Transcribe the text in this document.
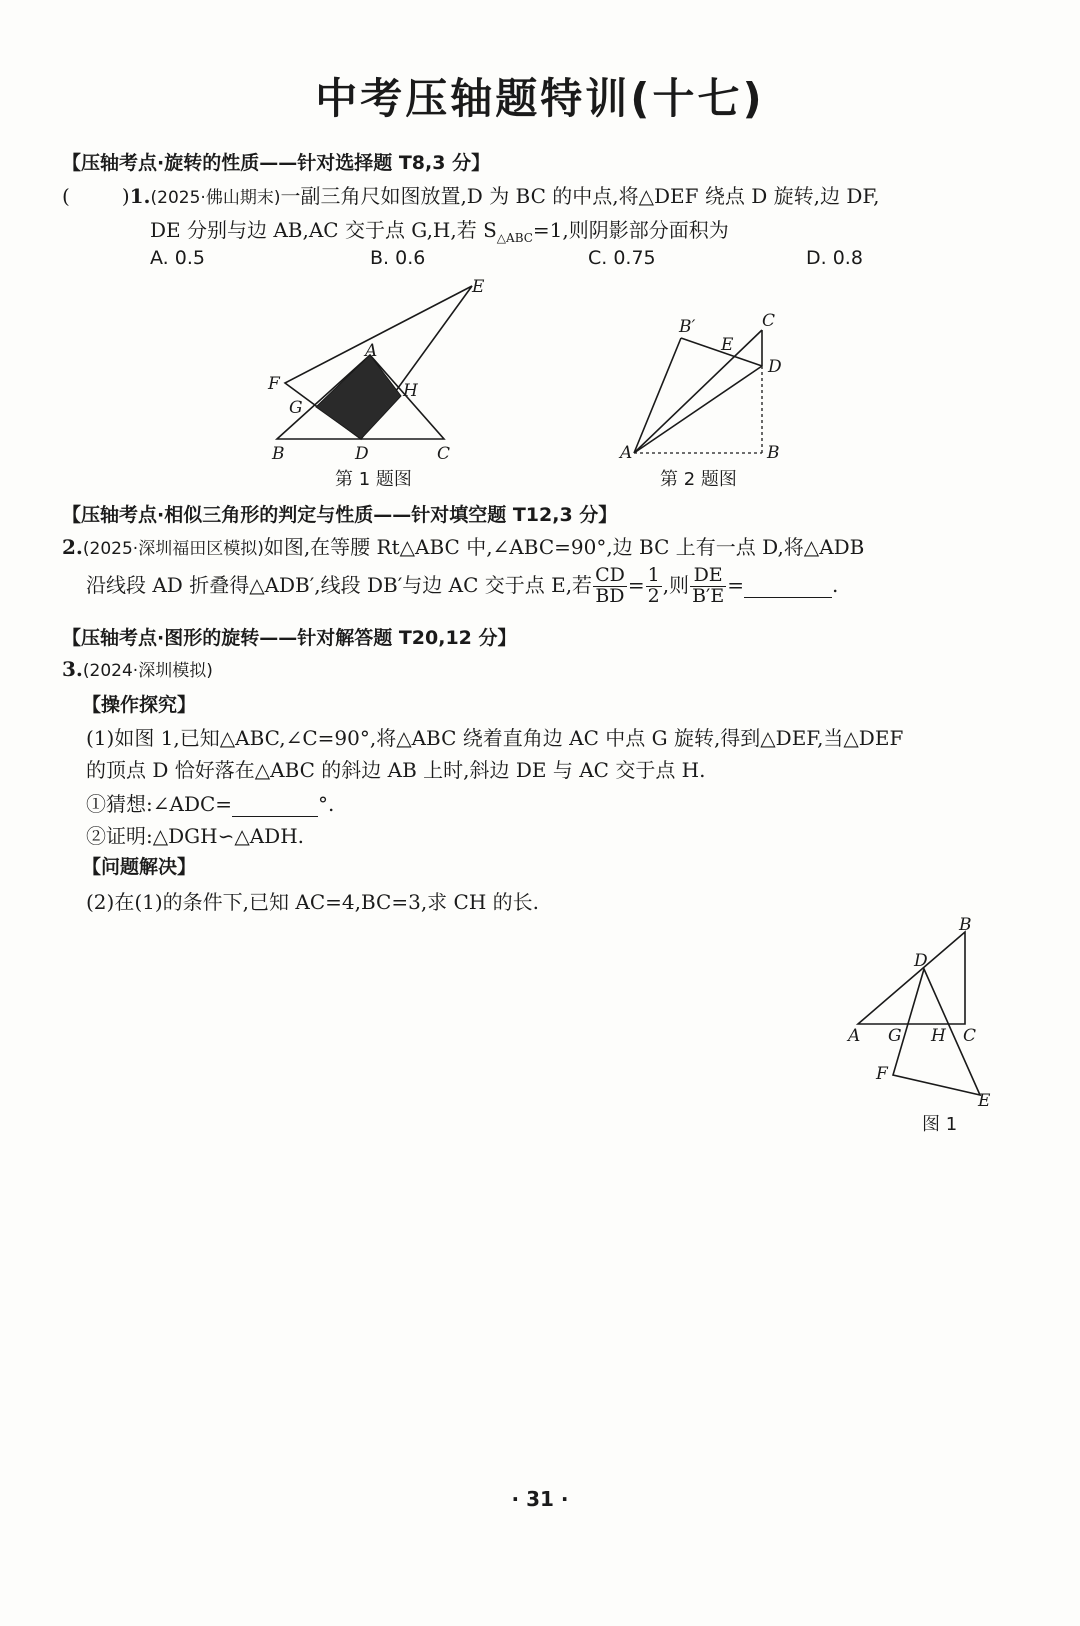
中考压轴题特训(十七)
【压轴考点·旋转的性质——针对选择题 T8,3 分】
(	)1.(2025·佛山期末)一副三角尺如图放置,D 为 BC 的中点,将△DEF 绕点 D 旋转,边 DF,
DE 分别与边 AB,AC 交于点 G,H,若 $S_{\triangle ABC}=1$,则阴影部分面积为
A. 0.5	B. 0.6	C. 0.75	D. 0.8
A
B	C
D
E
F
G
H
第 1 题图
A	B
C
D
E
B′
第 2 题图
【压轴考点·相似三角形的判定与性质——针对填空题 T12,3 分】
2.(2025·深圳福田区模拟)如图,在等腰 Rt△ABC 中,∠ABC=90°,边 BC 上有一点 D,将△ADB
沿线段 AD 折叠得△ADB′,线段 DB′与边 AC 交于点 E,若 $\frac{CD}{BD} = \frac{1}{2}$ ,则 $\frac{DE}{B'E}$ =	.
【压轴考点·图形的旋转——针对解答题 T20,12 分】
3.(2024·深圳模拟)
【操作探究】
(1)如图 1,已知△ABC,∠C=90°,将△ABC 绕着直角边 AC 中点 G 旋转,得到△DEF,当△DEF
的顶点 D 恰好落在△ABC 的斜边 AB 上时,斜边 DE 与 AC 交于点 H.
①猜想:∠ADC=	°.
②证明:△DGH∽△ADH.
【问题解决】
(2)在(1)的条件下,已知 AC=4,BC=3,求 CH 的长.
A
B
C
D
E
F
G H
图 1
· 31 ·
